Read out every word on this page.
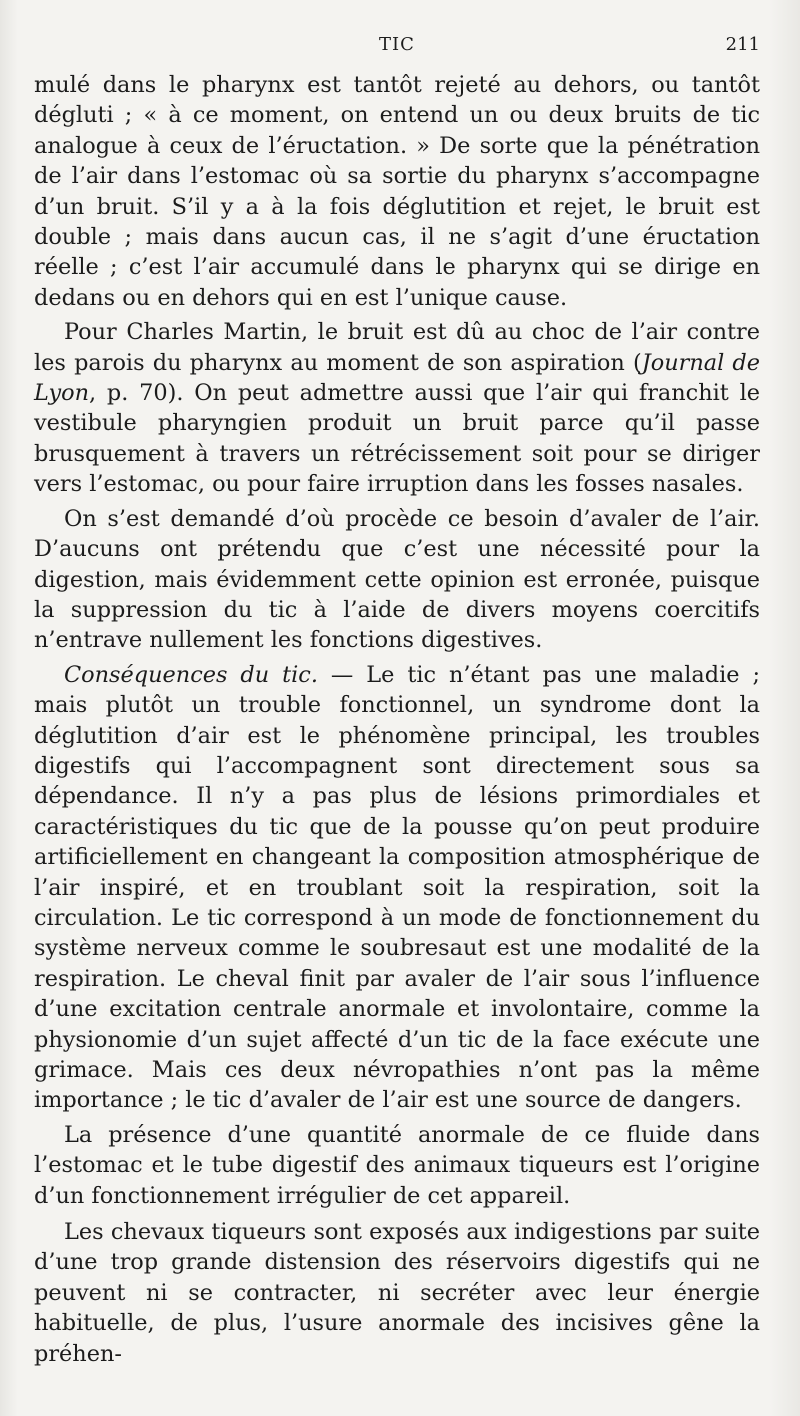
TIC	211

mulé dans le pharynx est tantôt rejeté au dehors, ou tantôt dégluti ; « à ce moment, on entend un ou deux bruits de tic analogue à ceux de l’éructation. » De sorte que la pénétration de l’air dans l’estomac où sa sortie du pharynx s’accompagne d’un bruit. S’il y a à la fois déglutition et rejet, le bruit est double ; mais dans aucun cas, il ne s’agit d’une éructation réelle ; c’est l’air accumulé dans le pharynx qui se dirige en dedans ou en dehors qui en est l’unique cause.

Pour Charles Martin, le bruit est dû au choc de l’air contre les parois du pharynx au moment de son aspiration (Journal de Lyon, p. 70). On peut admettre aussi que l’air qui franchit le vestibule pharyngien produit un bruit parce qu’il passe brusquement à travers un rétrécissement soit pour se diriger vers l’estomac, ou pour faire irruption dans les fosses nasales.

On s’est demandé d’où procède ce besoin d’avaler de l’air. D’aucuns ont prétendu que c’est une nécessité pour la digestion, mais évidemment cette opinion est erronée, puisque la suppression du tic à l’aide de divers moyens coercitifs n’entrave nullement les fonctions digestives.

Conséquences du tic. — Le tic n’étant pas une maladie ; mais plutôt un trouble fonctionnel, un syndrome dont la déglutition d’air est le phénomène principal, les troubles digestifs qui l’accompagnent sont directement sous sa dépendance. Il n’y a pas plus de lésions primordiales et caractéristiques du tic que de la pousse qu’on peut produire artificiellement en changeant la composition atmosphérique de l’air inspiré, et en troublant soit la respiration, soit la circulation. Le tic correspond à un mode de fonctionnement du système nerveux comme le soubresaut est une modalité de la respiration. Le cheval finit par avaler de l’air sous l’influence d’une excitation centrale anormale et involontaire, comme la physionomie d’un sujet affecté d’un tic de la face exécute une grimace. Mais ces deux névropathies n’ont pas la même importance ; le tic d’avaler de l’air est une source de dangers.

La présence d’une quantité anormale de ce fluide dans l’estomac et le tube digestif des animaux tiqueurs est l’origine d’un fonctionnement irrégulier de cet appareil.

Les chevaux tiqueurs sont exposés aux indigestions par suite d’une trop grande distension des réservoirs digestifs qui ne peuvent ni se contracter, ni secréter avec leur énergie habituelle, de plus, l’usure anormale des incisives gêne la préhen-
